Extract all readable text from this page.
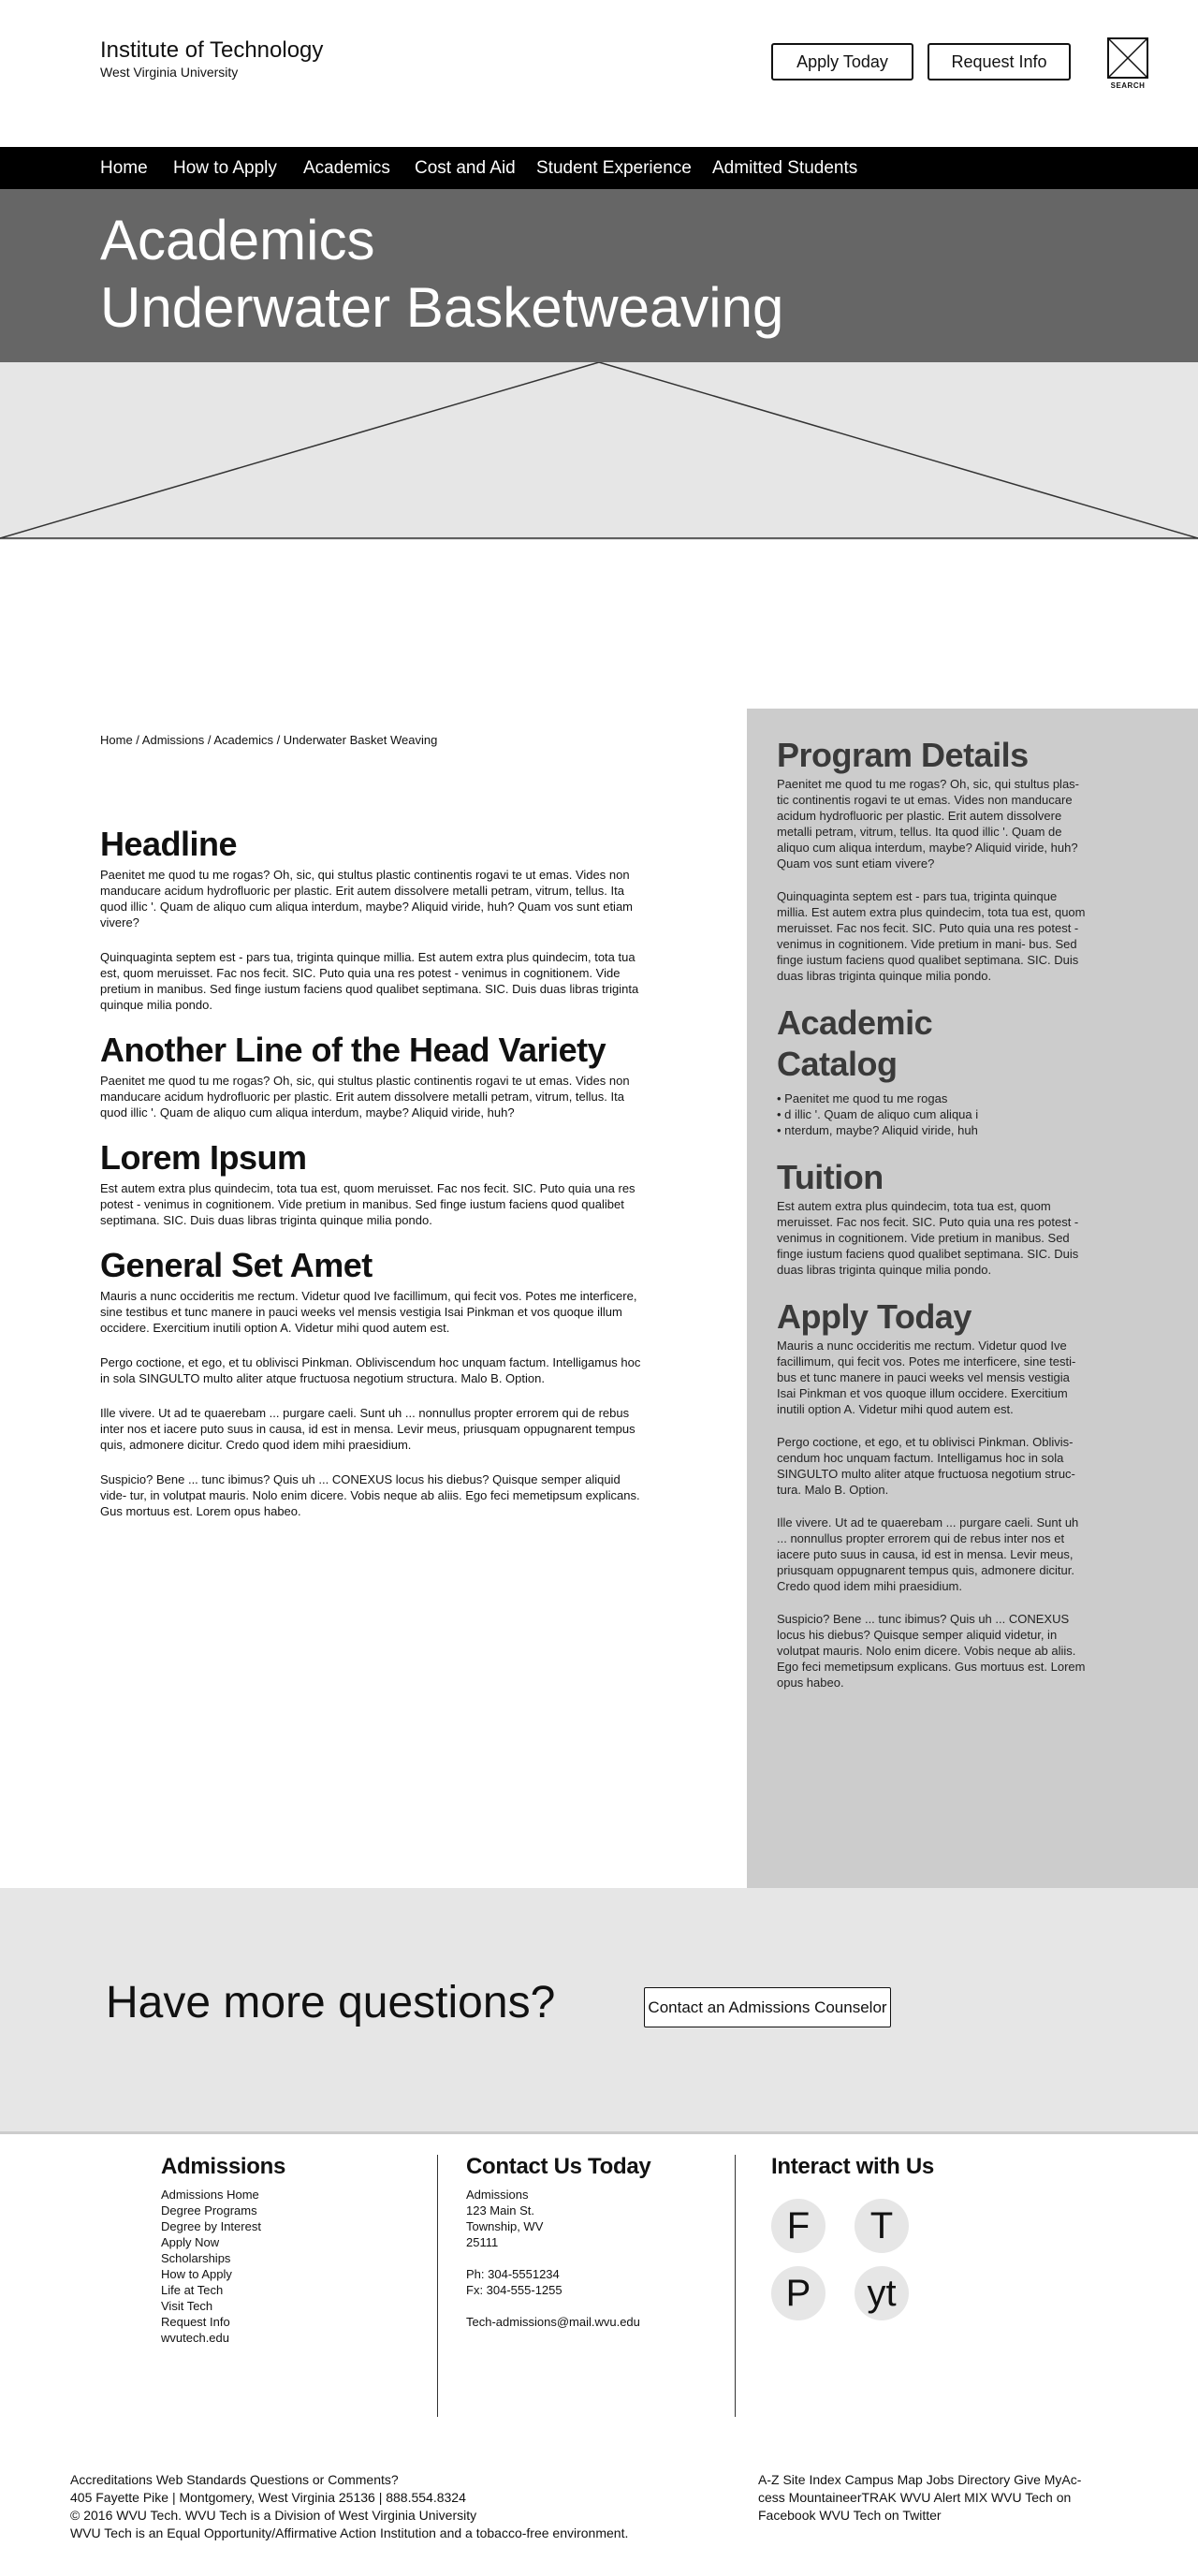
Institute of Technology
West Virginia University
Apply Today	Request Info
SEARCH
Home How to Apply Academics Cost and Aid Student Experience Admitted Students
Academics
Underwater Basketweaving
Home / Admissions / Academics / Underwater Basket Weaving
Headline
Paenitet me quod tu me rogas? Oh, sic, qui stultus plastic continentis rogavi te ut emas. Vides non manducare acidum hydrofluoric per plastic. Erit autem dissolvere metalli petram, vitrum, tellus. Ita quod illic '. Quam de aliquo cum aliqua interdum, maybe? Aliquid viride, huh? Quam vos sunt etiam vivere?
Quinquaginta septem est - pars tua, triginta quinque millia. Est autem extra plus quindecim, tota tua est, quom meruisset. Fac nos fecit. SIC. Puto quia una res potest - venimus in cognitionem. Vide pretium in manibus. Sed finge iustum faciens quod qualibet septimana. SIC. Duis duas libras triginta quinque milia pondo.
Another Line of the Head Variety
Paenitet me quod tu me rogas? Oh, sic, qui stultus plastic continentis rogavi te ut emas. Vides non manducare acidum hydrofluoric per plastic. Erit autem dissolvere metalli petram, vitrum, tellus. Ita quod illic '. Quam de aliquo cum aliqua interdum, maybe? Aliquid viride, huh?
Lorem Ipsum
Est autem extra plus quindecim, tota tua est, quom meruisset. Fac nos fecit. SIC. Puto quia una res potest - venimus in cognitionem. Vide pretium in manibus. Sed finge iustum faciens quod qualibet septimana. SIC. Duis duas libras triginta quinque milia pondo.
General Set Amet
Mauris a nunc occideritis me rectum. Videtur quod Ive facillimum, qui fecit vos. Potes me interficere, sine testibus et tunc manere in pauci weeks vel mensis vestigia Isai Pinkman et vos quoque illum occidere. Exercitium inutili option A. Videtur mihi quod autem est.
Pergo coctione, et ego, et tu oblivisci Pinkman. Obliviscendum hoc unquam factum. Intelligamus hoc in sola SINGULTO multo aliter atque fructuosa negotium structura. Malo B. Option.
Ille vivere. Ut ad te quaerebam ... purgare caeli. Sunt uh ... nonnullus propter errorem qui de rebus inter nos et iacere puto suus in causa, id est in mensa. Levir meus, priusquam oppugnarent tempus quis, admonere dicitur. Credo quod idem mihi praesidium.
Suspicio? Bene ... tunc ibimus? Quis uh ... CONEXUS locus his diebus? Quisque semper aliquid vide- tur, in volutpat mauris. Nolo enim dicere. Vobis neque ab aliis. Ego feci memetipsum explicans. Gus mortuus est. Lorem opus habeo.
Program Details
Paenitet me quod tu me rogas? Oh, sic, qui stultus plas- tic continentis rogavi te ut emas. Vides non manducare acidum hydrofluoric per plastic. Erit autem dissolvere metalli petram, vitrum, tellus. Ita quod illic '. Quam de aliquo cum aliqua interdum, maybe? Aliquid viride, huh? Quam vos sunt etiam vivere?
Quinquaginta septem est - pars tua, triginta quinque millia. Est autem extra plus quindecim, tota tua est, quom meruisset. Fac nos fecit. SIC. Puto quia una res potest - venimus in cognitionem. Vide pretium in mani- bus. Sed finge iustum faciens quod qualibet septimana. SIC. Duis duas libras triginta quinque milia pondo.
Academic
Catalog
• Paenitet me quod tu me rogas
• d illic '. Quam de aliquo cum aliqua i
• nterdum, maybe? Aliquid viride, huh
Tuition
Est autem extra plus quindecim, tota tua est, quom meruisset. Fac nos fecit. SIC. Puto quia una res potest - venimus in cognitionem. Vide pretium in manibus. Sed finge iustum faciens quod qualibet septimana. SIC. Duis duas libras triginta quinque milia pondo.
Apply Today
Mauris a nunc occideritis me rectum. Videtur quod Ive facillimum, qui fecit vos. Potes me interficere, sine testi- bus et tunc manere in pauci weeks vel mensis vestigia Isai Pinkman et vos quoque illum occidere. Exercitium inutili option A. Videtur mihi quod autem est.
Pergo coctione, et ego, et tu oblivisci Pinkman. Oblivis- cendum hoc unquam factum. Intelligamus hoc in sola SINGULTO multo aliter atque fructuosa negotium struc- tura. Malo B. Option.
Ille vivere. Ut ad te quaerebam ... purgare caeli. Sunt uh ... nonnullus propter errorem qui de rebus inter nos et iacere puto suus in causa, id est in mensa. Levir meus, priusquam oppugnarent tempus quis, admonere dicitur. Credo quod idem mihi praesidium.
Suspicio? Bene ... tunc ibimus? Quis uh ... CONEXUS locus his diebus? Quisque semper aliquid videtur, in volutpat mauris. Nolo enim dicere. Vobis neque ab aliis. Ego feci memetipsum explicans. Gus mortuus est. Lorem opus habeo.
Have more questions?	Contact an Admissions Counselor
Admissions
Admissions Home
Degree Programs
Degree by Interest
Apply Now
Scholarships
How to Apply
Life at Tech
Visit Tech
Request Info
wvutech.edu
Contact Us Today
Admissions
123 Main St.
Township, WV
25111
Ph: 304-5551234
Fx: 304-555-1255
Tech-admissions@mail.wvu.edu
Interact with Us
F	T
P	yt
Accreditations Web Standards Questions or Comments?
405 Fayette Pike | Montgomery, West Virginia 25136 | 888.554.8324
© 2016 WVU Tech. WVU Tech is a Division of West Virginia University
WVU Tech is an Equal Opportunity/Affirmative Action Institution and a tobacco-free environment.
A-Z Site Index Campus Map Jobs Directory Give MyAc- cess MountaineerTRAK WVU Alert MIX WVU Tech on Facebook WVU Tech on Twitter
